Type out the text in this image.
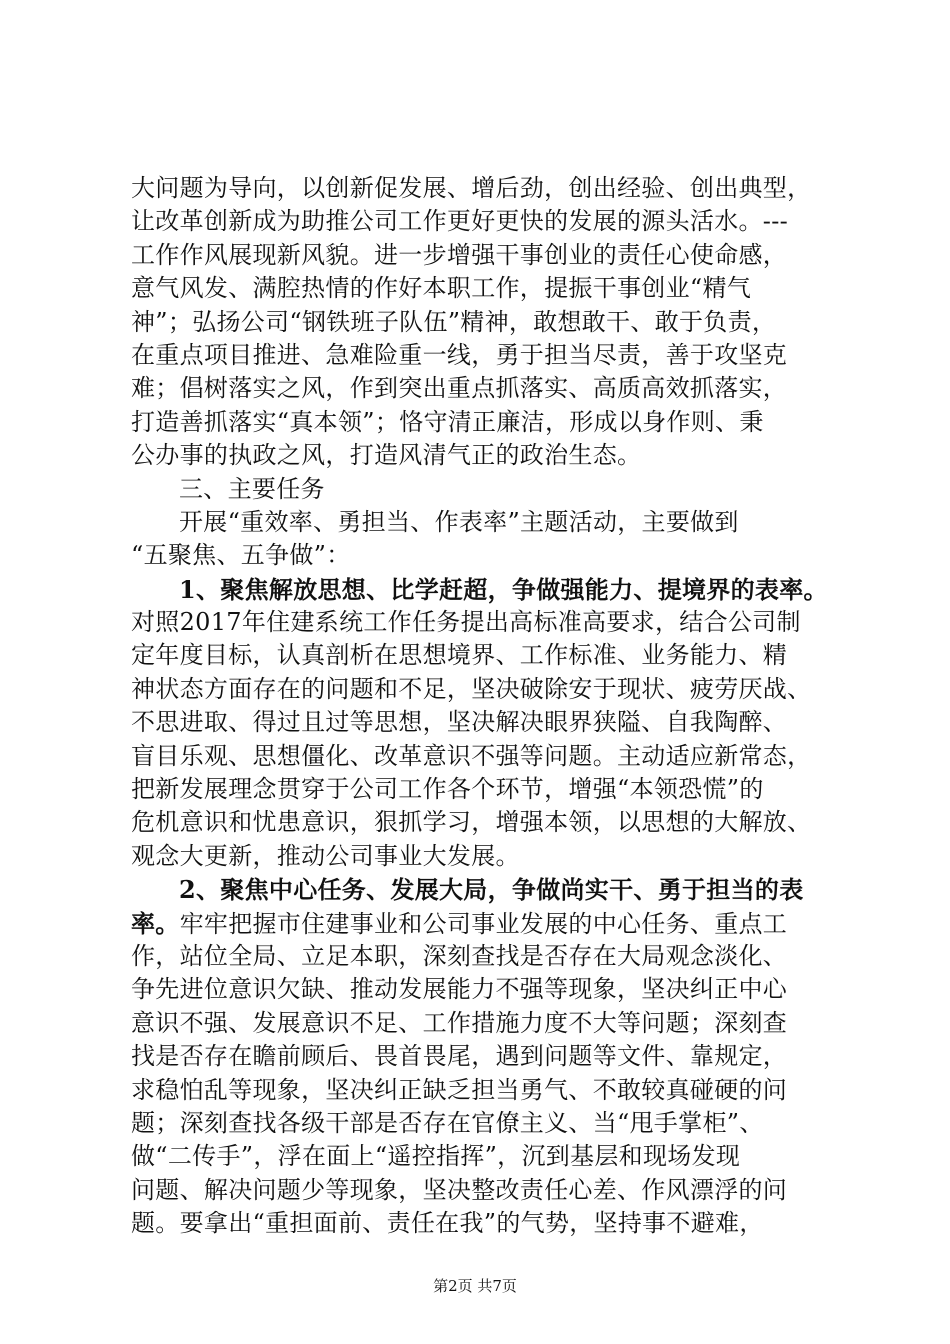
大问题为导向，以创新促发展、增后劲，创出经验、创出典型，
让改革创新成为助推公司工作更好更快的发展的源头活水。---
工作作风展现新风貌。进一步增强干事创业的责任心使命感，
意气风发、满腔热情的作好本职工作，提振干事创业“精气
神”；弘扬公司“钢铁班子队伍”精神，敢想敢干、敢于负责，
在重点项目推进、急难险重一线，勇于担当尽责，善于攻坚克
难；倡树落实之风，作到突出重点抓落实、高质高效抓落实，
打造善抓落实“真本领”；恪守清正廉洁，形成以身作则、秉
公办事的执政之风，打造风清气正的政治生态。
三、主要任务
开展“重效率、勇担当、作表率”主题活动，主要做到
“五聚焦、五争做”：
1、聚焦解放思想、比学赶超，争做强能力、提境界的表率。
对照2017年住建系统工作任务提出高标准高要求，结合公司制
定年度目标，认真剖析在思想境界、工作标准、业务能力、精
神状态方面存在的问题和不足，坚决破除安于现状、疲劳厌战、
不思进取、得过且过等思想，坚决解决眼界狭隘、自我陶醉、
盲目乐观、思想僵化、改革意识不强等问题。主动适应新常态，
把新发展理念贯穿于公司工作各个环节，增强“本领恐慌”的
危机意识和忧患意识，狠抓学习，增强本领，以思想的大解放、
观念大更新，推动公司事业大发展。
2、聚焦中心任务、发展大局，争做尚实干、勇于担当的表
率。牢牢把握市住建事业和公司事业发展的中心任务、重点工
作，站位全局、立足本职，深刻查找是否存在大局观念淡化、
争先进位意识欠缺、推动发展能力不强等现象，坚决纠正中心
意识不强、发展意识不足、工作措施力度不大等问题；深刻查
找是否存在瞻前顾后、畏首畏尾，遇到问题等文件、靠规定，
求稳怕乱等现象，坚决纠正缺乏担当勇气、不敢较真碰硬的问
题；深刻查找各级干部是否存在官僚主义、当“甩手掌柜”、
做“二传手”，浮在面上“遥控指挥”，沉到基层和现场发现
问题、解决问题少等现象，坚决整改责任心差、作风漂浮的问
题。要拿出“重担面前、责任在我”的气势，坚持事不避难，
第2页 共7页
